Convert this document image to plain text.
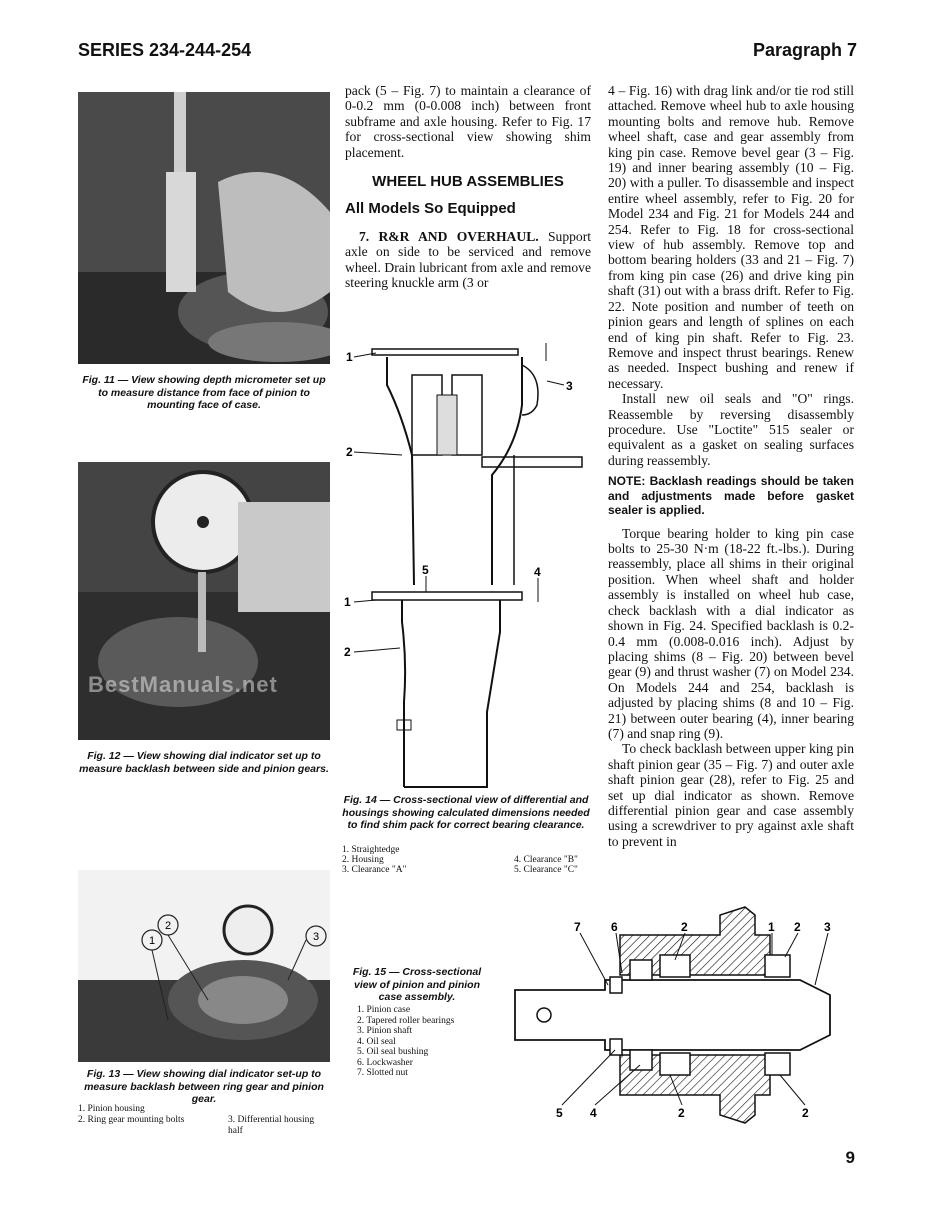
SERIES 234-244-254	Paragraph 7
Fig. 11 — View showing depth micrometer set up to measure distance from face of pinion to mounting face of case.
BestManuals.net
Fig. 12 — View showing dial indicator set up to measure backlash between side and pinion gears.
2
1	3
Fig. 13 — View showing dial indicator set-up to measure backlash between ring gear and pinion gear.
1. Pinion housing
2. Ring gear mounting bolts	3. Differential housing half

pack (5 – Fig. 7) to maintain a clearance of 0-0.2 mm (0-0.008 inch) between front subframe and axle housing. Refer to Fig. 17 for cross-sectional view showing shim placement.

WHEEL HUB ASSEMBLIES
All Models So Equipped

7. R&R AND OVERHAUL. Support axle on side to be serviced and remove wheel. Drain lubricant from axle and remove steering knuckle arm (3 or

1
2
3
5	4
1
2
Fig. 14 — Cross-sectional view of differential and housings showing calculated dimensions needed to find shim pack for correct bearing clearance.
1. Straightedge
2. Housing
3. Clearance "A"
4. Clearance "B"
5. Clearance "C"

4 – Fig. 16) with drag link and/or tie rod still attached. Remove wheel hub to axle housing mounting bolts and remove hub. Remove wheel shaft, case and gear assembly from king pin case. Remove bevel gear (3 – Fig. 19) and inner bearing assembly (10 – Fig. 20) with a puller. To disassemble and inspect entire wheel assembly, refer to Fig. 20 for Model 234 and Fig. 21 for Models 244 and 254. Refer to Fig. 18 for cross-sectional view of hub assembly. Remove top and bottom bearing holders (33 and 21 – Fig. 7) from king pin case (26) and drive king pin shaft (31) out with a brass drift. Refer to Fig. 22. Note position and number of teeth on pinion gears and length of splines on each end of king pin shaft. Refer to Fig. 23. Remove and inspect thrust bearings. Renew as needed. Inspect bushing and renew if necessary.

Install new oil seals and "O" rings. Reassemble by reversing disassembly procedure. Use "Loctite" 515 sealer or equivalent as a gasket on sealing surfaces during reassembly.

NOTE: Backlash readings should be taken and adjustments made before gasket sealer is applied.

Torque bearing holder to king pin case bolts to 25-30 N·m (18-22 ft.-lbs.). During reassembly, place all shims in their original position. When wheel shaft and holder assembly is installed on wheel hub case, check backlash with a dial indicator as shown in Fig. 24. Specified backlash is 0.2-0.4 mm (0.008-0.016 inch). Adjust by placing shims (8 – Fig. 20) between bevel gear (9) and thrust washer (7) on Model 234. On Models 244 and 254, backlash is adjusted by placing shims (8 and 10 – Fig. 21) between outer bearing (4), inner bearing (7) and snap ring (9).

To check backlash between upper king pin shaft pinion gear (35 – Fig. 7) and outer axle shaft pinion gear (28), refer to Fig. 25 and set up dial indicator as shown. Remove differential pinion gear and case assembly using a screwdriver to pry against axle shaft to prevent in

Fig. 15 — Cross-sectional view of pinion and pinion case assembly.
1. Pinion case
2. Tapered roller bearings
3. Pinion shaft
4. Oil seal
5. Oil seal bushing
6. Lockwasher
7. Slotted nut
7	6	2	1 2 3
5 4	2	2
9
